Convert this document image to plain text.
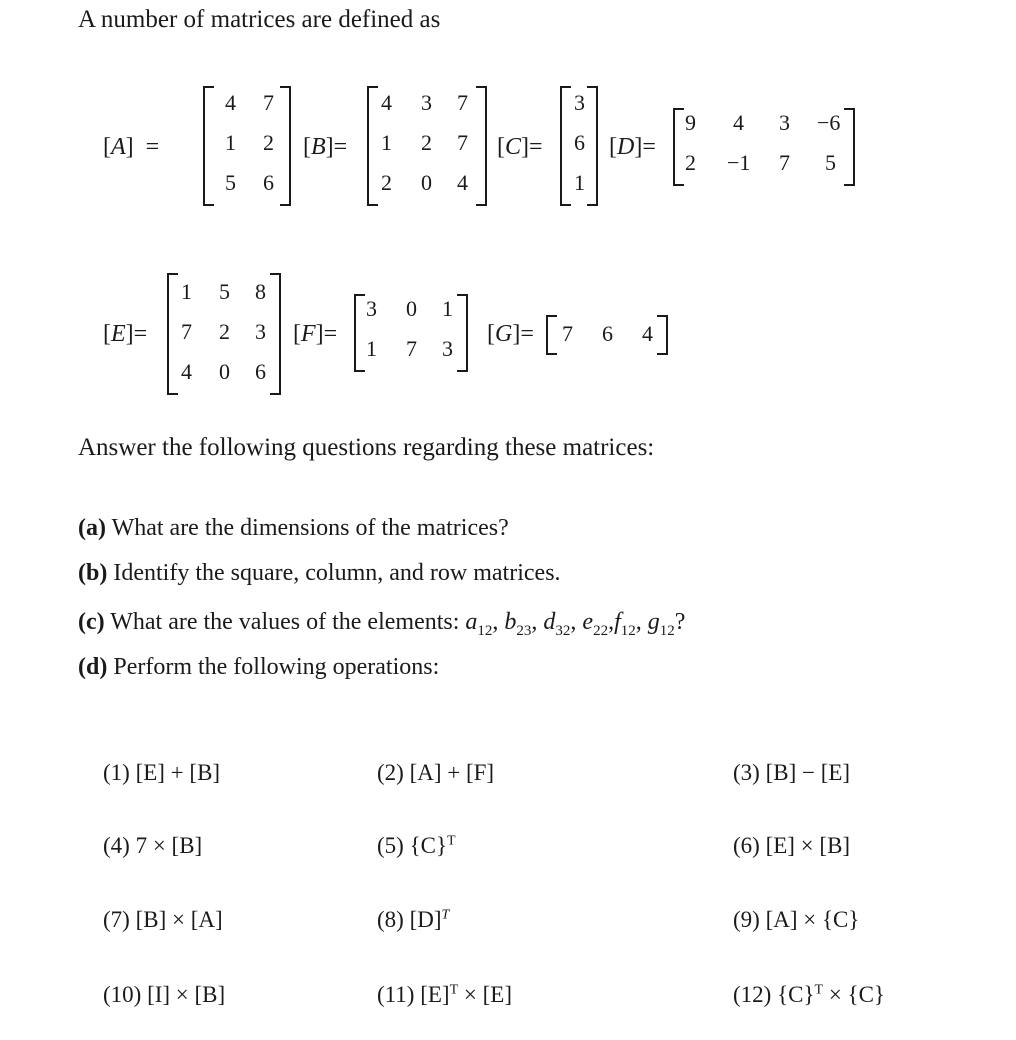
A number of matrices are defined as
[A]  =
4 7
1 2
5 6
[B]=
4 3 7
1 2 7
2 0 4
[C]=
3
6
1
[D]=
9 4 3 −6
2 −1 7 5
[E]=
1 5 8
7 2 3
4 0 6
[F]=
3 0 1
1 7 3
[G]= 7 6 4
Answer the following questions regarding these matrices:
(a) What are the dimensions of the matrices?
(b) Identify the square, column, and row matrices.
(c) What are the values of the elements: $a_{12}$, $b_{23}$, $d_{32}$, $e_{22},f_{12}$, $g_{12}$?
(d) Perform the following operations:
(1) [E] + [B]	(2) [A] + [F]	(3) [B] − [E]
(4) 7 × [B]	(5) $\{C\}^T$	(6) [E] × [B]
(7) [B] × [A]	(8) $[D]^T$	(9) [A] × {C}
(10) [I] × [B]	(11) $[E]^T \times [E]$	(12) $\{C\}^T \times \{C\}$
